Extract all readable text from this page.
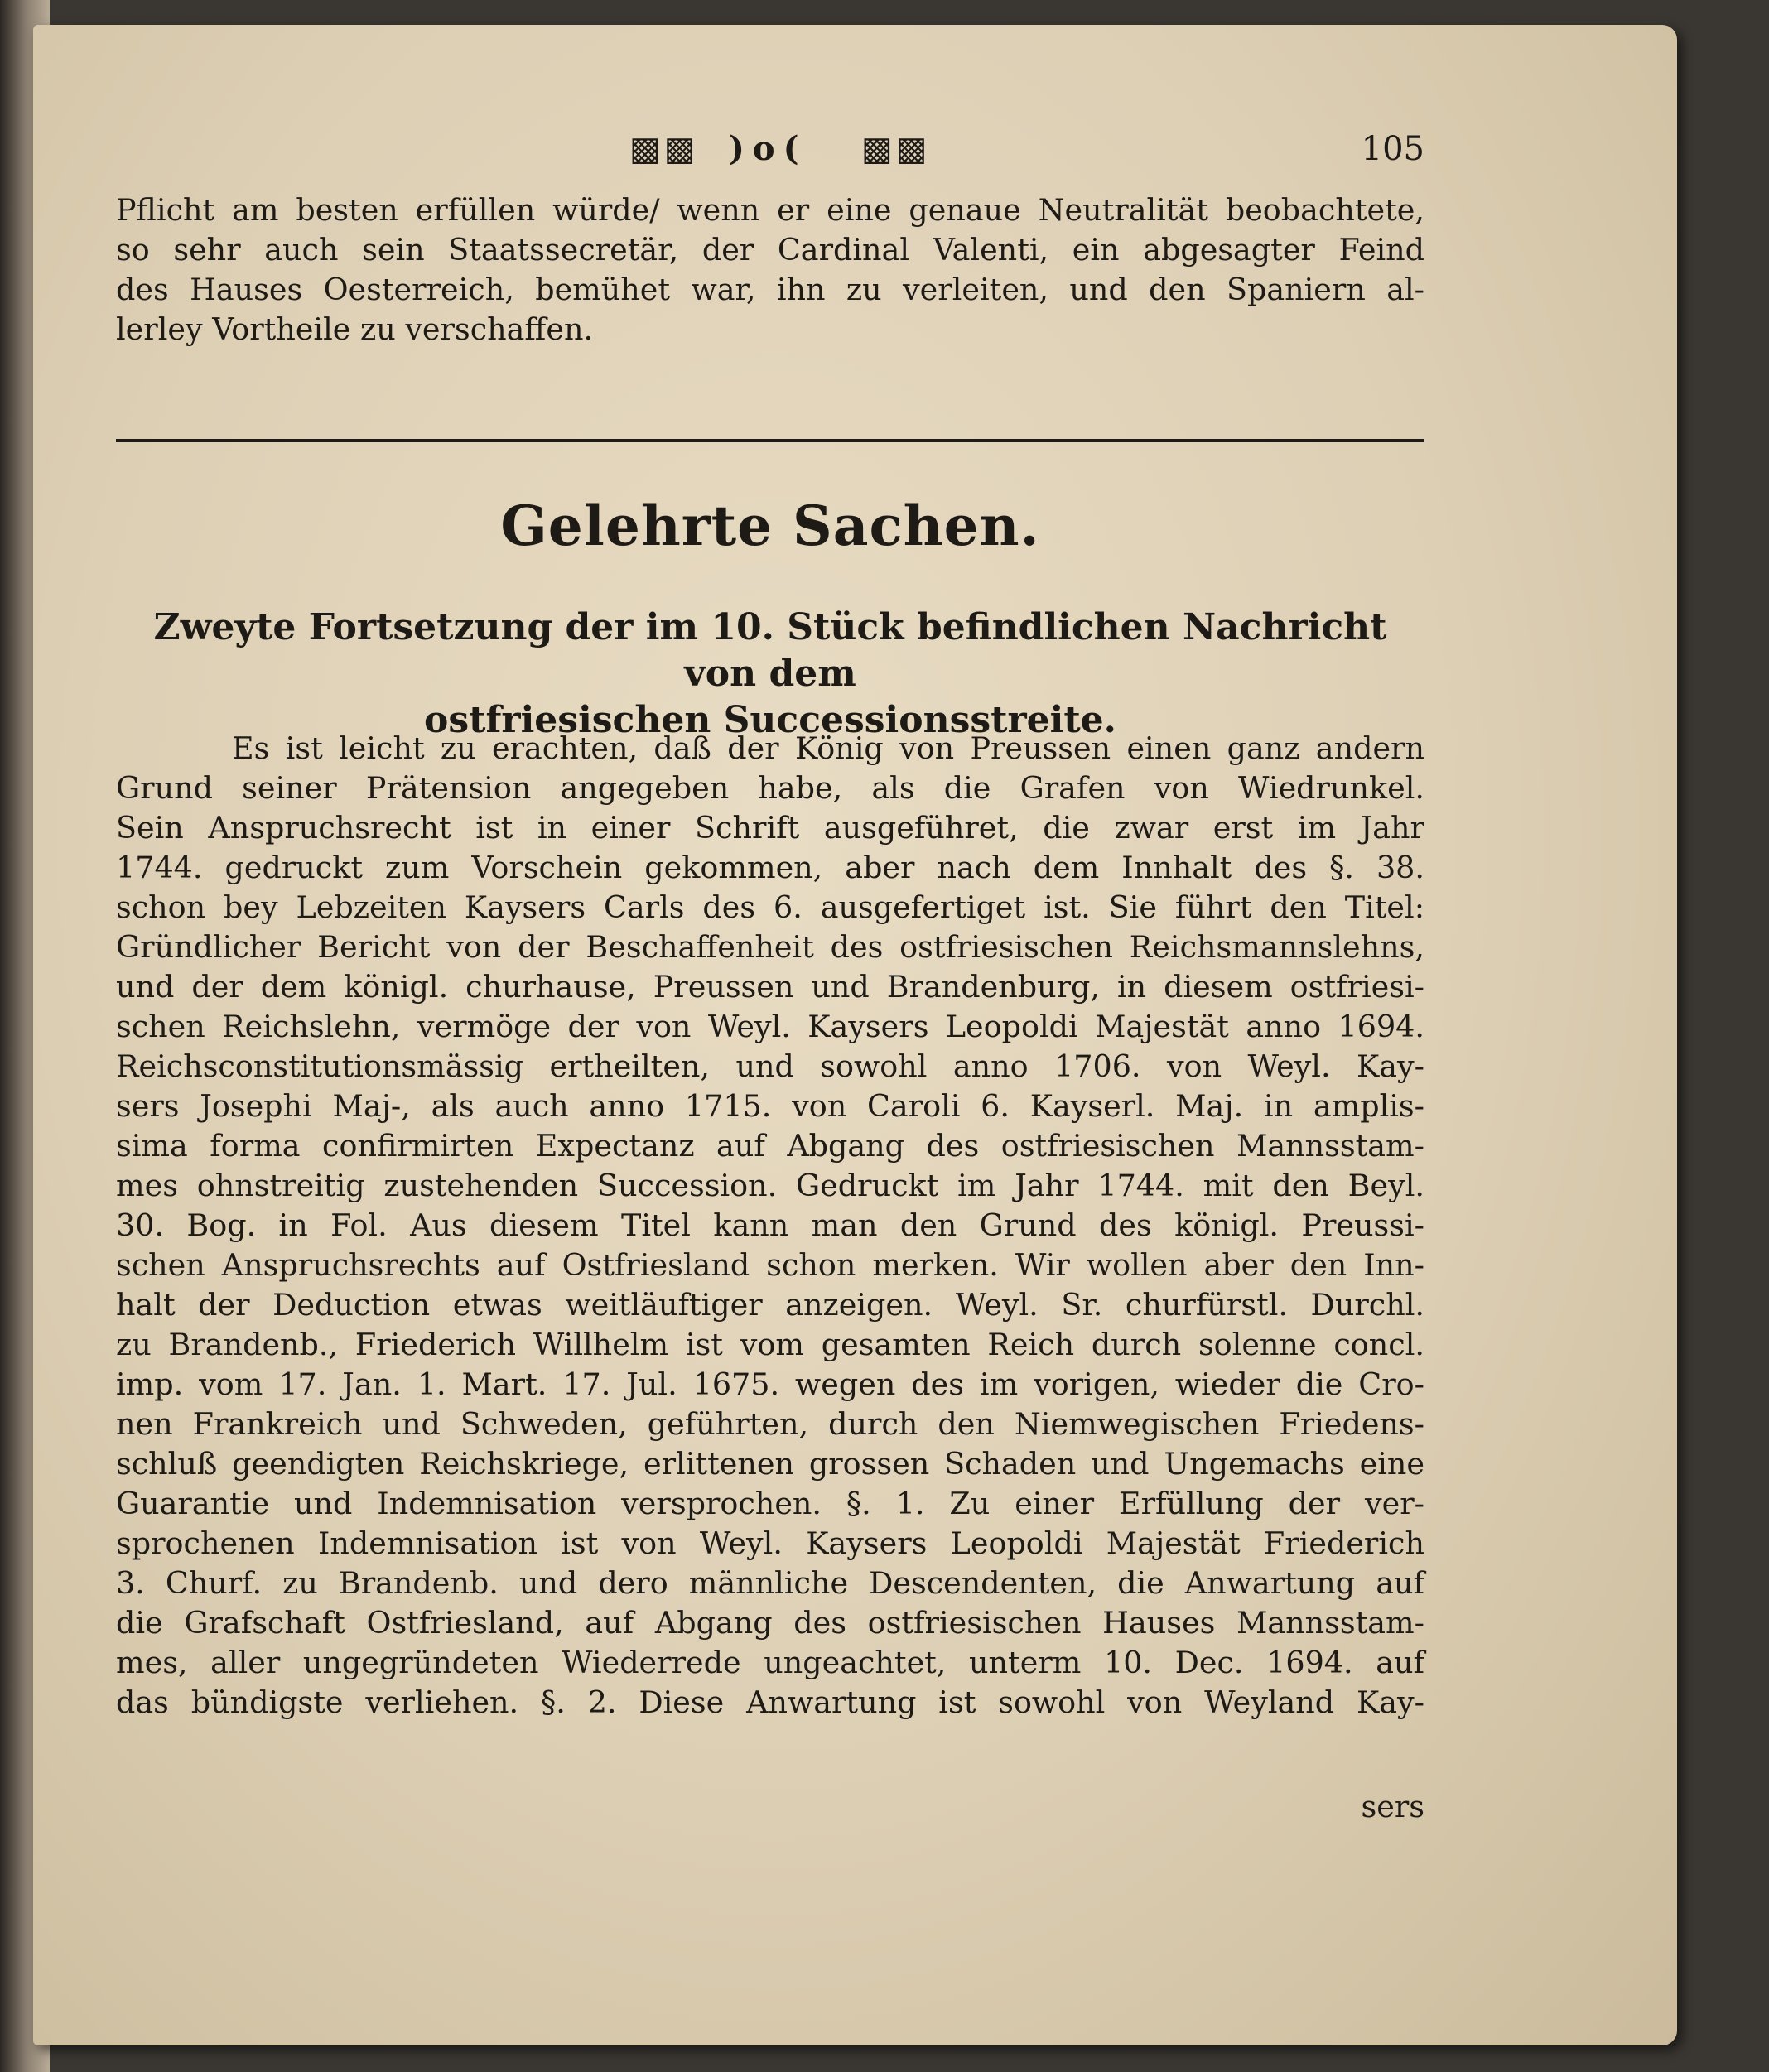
▩▩ )o( ▩▩	105
Pflicht am besten erfüllen würde/ wenn er eine genaue Neutralität beobachtete,
so sehr auch sein Staatssecretär, der Cardinal Valenti, ein abgesagter Feind
des Hauses Oesterreich, bemühet war, ihn zu verleiten, und den Spaniern al-
lerley Vortheile zu verschaffen.
Gelehrte Sachen.
Zweyte Fortsetzung der im 10. Stück befindlichen Nachricht von dem
ostfriesischen Successionsstreite.
Es ist leicht zu erachten, daß der König von Preussen einen ganz andern
Grund seiner Prätension angegeben habe, als die Grafen von Wiedrunkel.
Sein Anspruchsrecht ist in einer Schrift ausgeführet, die zwar erst im Jahr
1744. gedruckt zum Vorschein gekommen, aber nach dem Innhalt des §. 38.
schon bey Lebzeiten Kaysers Carls des 6. ausgefertiget ist. Sie führt den Titel:
Gründlicher Bericht von der Beschaffenheit des ostfriesischen Reichsmannslehns,
und der dem königl. churhause, Preussen und Brandenburg, in diesem ostfriesi-
schen Reichslehn, vermöge der von Weyl. Kaysers Leopoldi Majestät anno 1694.
Reichsconstitutionsmässig ertheilten, und sowohl anno 1706. von Weyl. Kay-
sers Josephi Maj-, als auch anno 1715. von Caroli 6. Kayserl. Maj. in amplis-
sima forma confirmirten Expectanz auf Abgang des ostfriesischen Mannsstam-
mes ohnstreitig zustehenden Succession. Gedruckt im Jahr 1744. mit den Beyl.
30. Bog. in Fol. Aus diesem Titel kann man den Grund des königl. Preussi-
schen Anspruchsrechts auf Ostfriesland schon merken. Wir wollen aber den Inn-
halt der Deduction etwas weitläuftiger anzeigen. Weyl. Sr. churfürstl. Durchl.
zu Brandenb., Friederich Willhelm ist vom gesamten Reich durch solenne concl.
imp. vom 17. Jan. 1. Mart. 17. Jul. 1675. wegen des im vorigen, wieder die Cro-
nen Frankreich und Schweden, geführten, durch den Niemwegischen Friedens-
schluß geendigten Reichskriege, erlittenen grossen Schaden und Ungemachs eine
Guarantie und Indemnisation versprochen. §. 1. Zu einer Erfüllung der ver-
sprochenen Indemnisation ist von Weyl. Kaysers Leopoldi Majestät Friederich
3. Churf. zu Brandenb. und dero männliche Descendenten, die Anwartung auf
die Grafschaft Ostfriesland, auf Abgang des ostfriesischen Hauses Mannsstam-
mes, aller ungegründeten Wiederrede ungeachtet, unterm 10. Dec. 1694. auf
das bündigste verliehen. §. 2. Diese Anwartung ist sowohl von Weyland Kay-
sers
